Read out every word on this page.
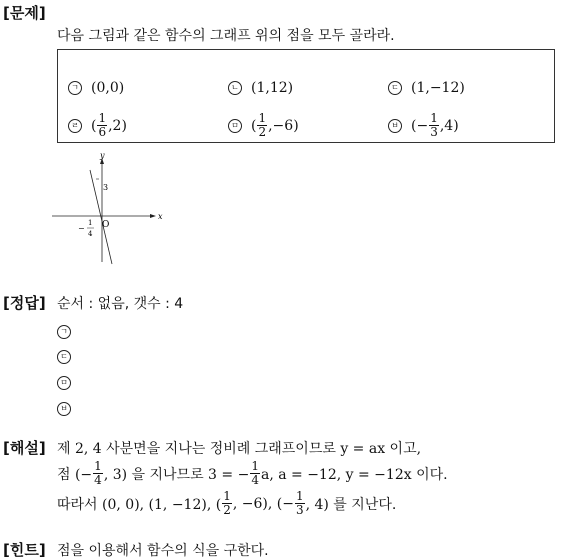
[문제]
다음 그림과 같은 함수의 그래프 위의 점을 모두 골라라.
ㄱ (0,0)	ㄴ (1,12)	ㄷ (1,−12)
ㄹ ( $\frac{1}{6} ,2$)	ㅁ ( $\frac{1}{2} ,-6$)	ㅂ (− $\frac{1}{3} ,4$)
x
y
O
3
−
1
4
[정답] 순서 : 없음, 갯수 : 4
ㄱ
ㄷ
ㅁ
ㅂ
[해설] 제 2, 4 사분면을 지나는 정비례 그래프이므로 y = ax 이고,
점 (− $\frac{1}{4}$ , 3) 을 지나므로 3 = − $\frac{1}{4} a$, a = −12, y = −12x 이다.
따라서 (0, 0), (1, −12), ( $\frac{1}{2}$ , −6), (− $\frac{1}{3}$ , 4) 를 지난다.
[힌트] 점을 이용해서 함수의 식을 구한다.
